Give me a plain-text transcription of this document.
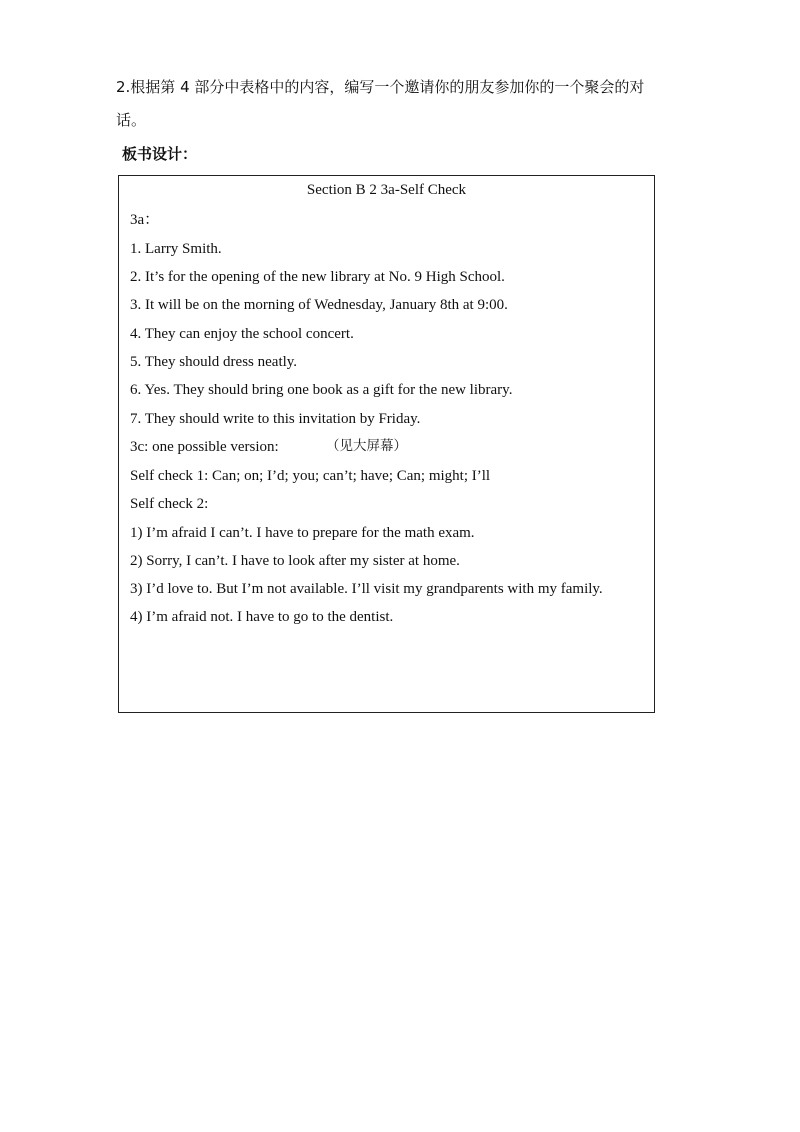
2.根据第 4 部分中表格中的内容，编写一个邀请你的朋友参加你的一个聚会的对
话。
板书设计：
Section B 2 3a-Self Check
3a：
1. Larry Smith.
2. It’s for the opening of the new library at No. 9 High School.
3. It will be on the morning of Wednesday, January 8th at 9:00.
4. They can enjoy the school concert.
5. They should dress neatly.
6. Yes. They should bring one book as a gift for the new library.
7. They should write to this invitation by Friday.
3c: one possible version:	（见大屏幕）
Self check 1: Can; on; I’d; you; can’t; have; Can; might; I’ll
Self check 2:
1) I’m afraid I can’t. I have to prepare for the math exam.
2) Sorry, I can’t. I have to look after my sister at home.
3) I’d love to. But I’m not available. I’ll visit my grandparents with my family.
4) I’m afraid not. I have to go to the dentist.
